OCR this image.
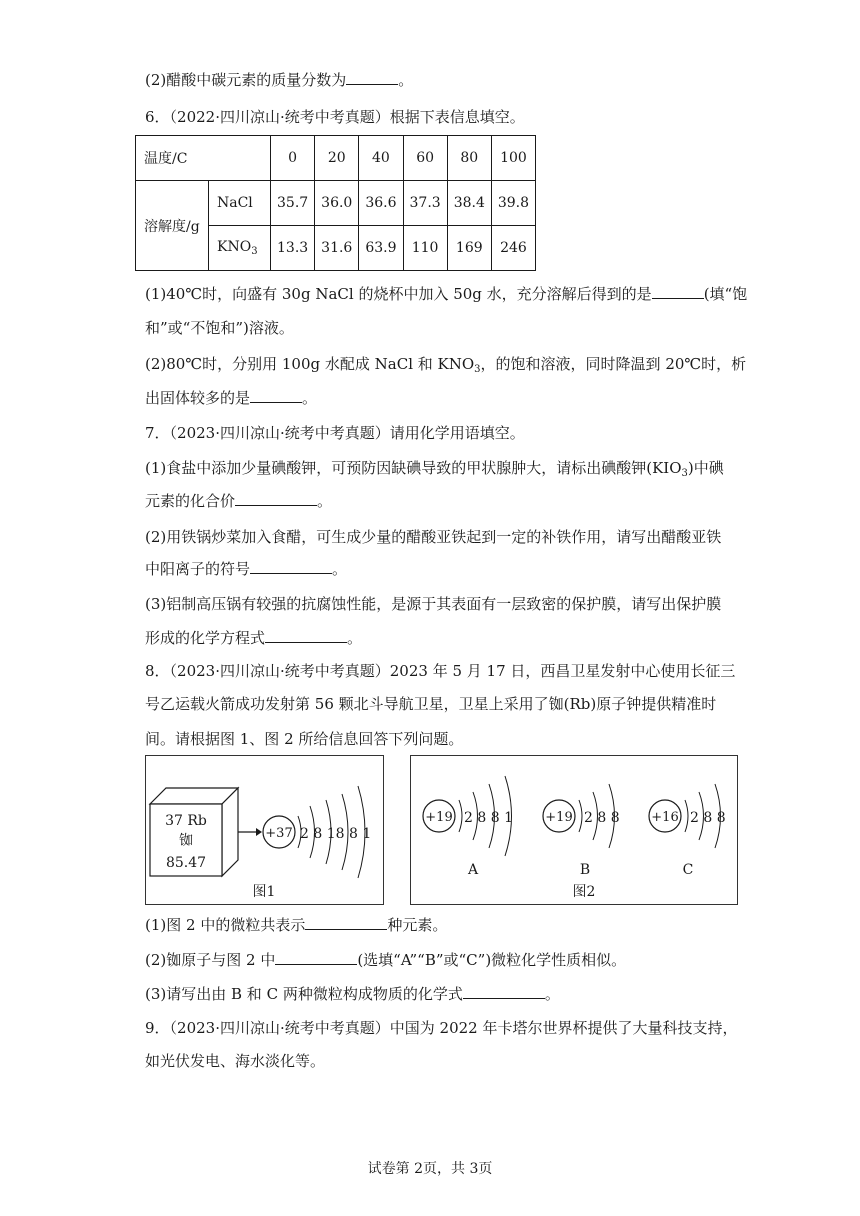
(2)醋酸中碳元素的质量分数为	。
6．（2022·四川凉山·统考中考真题）根据下表信息填空。
温度/C		0	20	40	60	80	100
溶解度/g	NaCl	35.7	36.0	36.6	37.3	38.4	39.8
	$KNO_3$	13.3	31.6	63.9	110	169	246
(1)40℃时，向盛有 30g NaCl 的烧杯中加入 50g 水，充分溶解后得到的是	(填“饱
和”或“不饱和”)溶液。
(2)80℃时，分别用 100g 水配成 NaCl 和 $KNO_3$，的饱和溶液，同时降温到 20℃时，析
出固体较多的是	。
7．（2023·四川凉山·统考中考真题）请用化学用语填空。
(1)食盐中添加少量碘酸钾，可预防因缺碘导致的甲状腺肿大，请标出碘酸钾$(KIO_3)$中碘
元素的化合价	。
(2)用铁锅炒菜加入食醋，可生成少量的醋酸亚铁起到一定的补铁作用，请写出醋酸亚铁
中阳离子的符号	。
(3)铝制高压锅有较强的抗腐蚀性能，是源于其表面有一层致密的保护膜，请写出保护膜
形成的化学方程式	。
8．（2023·四川凉山·统考中考真题）2023 年 5 月 17 日，西昌卫星发射中心使用长征三
号乙运载火箭成功发射第 56 颗北斗导航卫星，卫星上采用了铷(Rb)原子钟提供精准时
间。请根据图 1、图 2 所给信息回答下列问题。
37 Rb
铷
85.47
+37 2 8 18 8 1
图1
+19 2 8 8 1
A
+19 2 8 8
B
+16 2 8 8
C
图2
(1)图 2 中的微粒共表示	种元素。
(2)铷原子与图 2 中	(选填“A”“B”或“C”)微粒化学性质相似。
(3)请写出由 B 和 C 两种微粒构成物质的化学式	。
9．（2023·四川凉山·统考中考真题）中国为 2022 年卡塔尔世界杯提供了大量科技支持，
如光伏发电、海水淡化等。
试卷第 2页，共 3页
